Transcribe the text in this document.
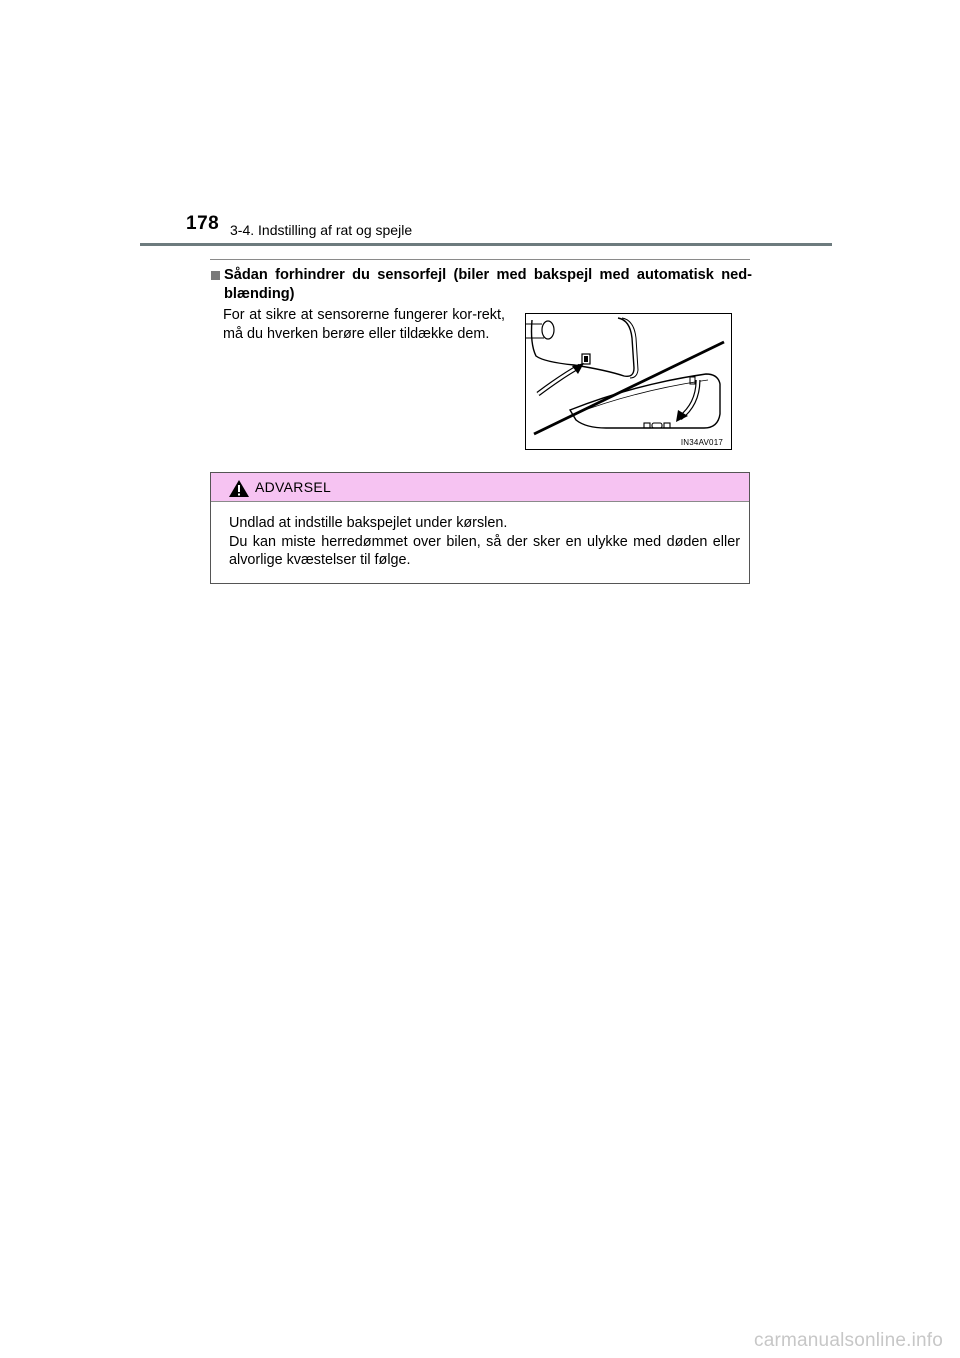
178 3-4. Indstilling af rat og spejle
Sådan forhindrer du sensorfejl (biler med bakspejl med automatisk ned-blænding)
For at sikre at sensorerne fungerer kor-rekt, må du hverken berøre eller tildække dem.
IN34AV017
ADVARSEL

Undlad at indstille bakspejlet under kørslen.

Du kan miste herredømmet over bilen, så der sker en ulykke med døden eller alvorlige kvæstelser til følge.

carmanualsonline.info
